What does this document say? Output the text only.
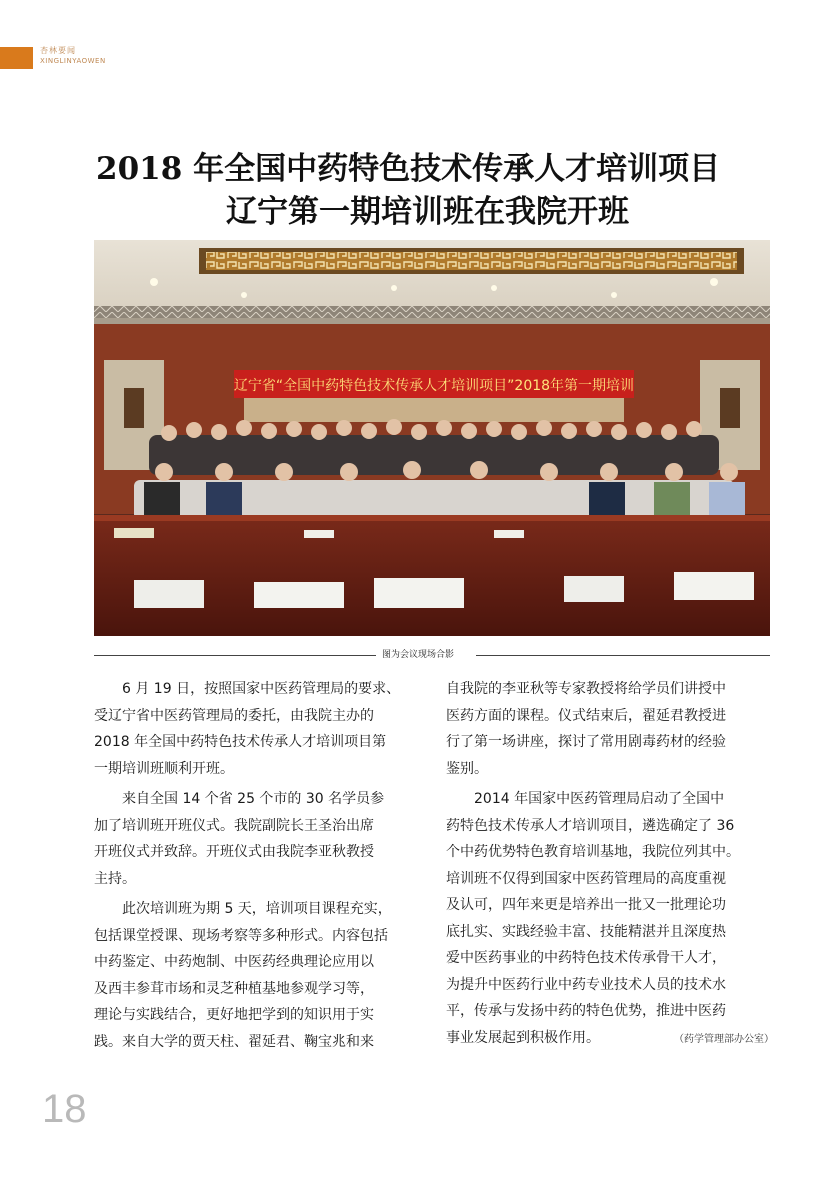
杏林要闻
XINGLINYAOWEN
2018 年全国中药特色技术传承人才培训项目
辽宁第一期培训班在我院开班
辽宁省“全国中药特色技术传承人才培训项目”2018年第一期培训
图为会议现场合影

6 月 19 日，按照国家中医药管理局的要求、
受辽宁省中医药管理局的委托，由我院主办的
2018 年全国中药特色技术传承人才培训项目第
一期培训班顺利开班。

来自全国 14 个省 25 个市的 30 名学员参
加了培训班开班仪式。我院副院长王圣治出席
开班仪式并致辞。开班仪式由我院李亚秋教授
主持。

此次培训班为期 5 天，培训项目课程充实，
包括课堂授课、现场考察等多种形式。内容包括
中药鉴定、中药炮制、中医药经典理论应用以
及西丰参茸市场和灵芝种植基地参观学习等，
理论与实践结合，更好地把学到的知识用于实
践。来自大学的贾天柱、翟延君、鞠宝兆和来

自我院的李亚秋等专家教授将给学员们讲授中
医药方面的课程。仪式结束后，翟延君教授进
行了第一场讲座，探讨了常用剧毒药材的经验
鉴别。

2014 年国家中医药管理局启动了全国中
药特色技术传承人才培训项目，遴选确定了 36
个中药优势特色教育培训基地，我院位列其中。
培训班不仅得到国家中医药管理局的高度重视
及认可，四年来更是培养出一批又一批理论功
底扎实、实践经验丰富、技能精湛并且深度热
爱中医药事业的中药特色技术传承骨干人才，
为提升中医药行业中药专业技术人员的技术水
平，传承与发扬中药的特色优势，推进中医药
事业发展起到积极作用。	（药学管理部办公室）

18
